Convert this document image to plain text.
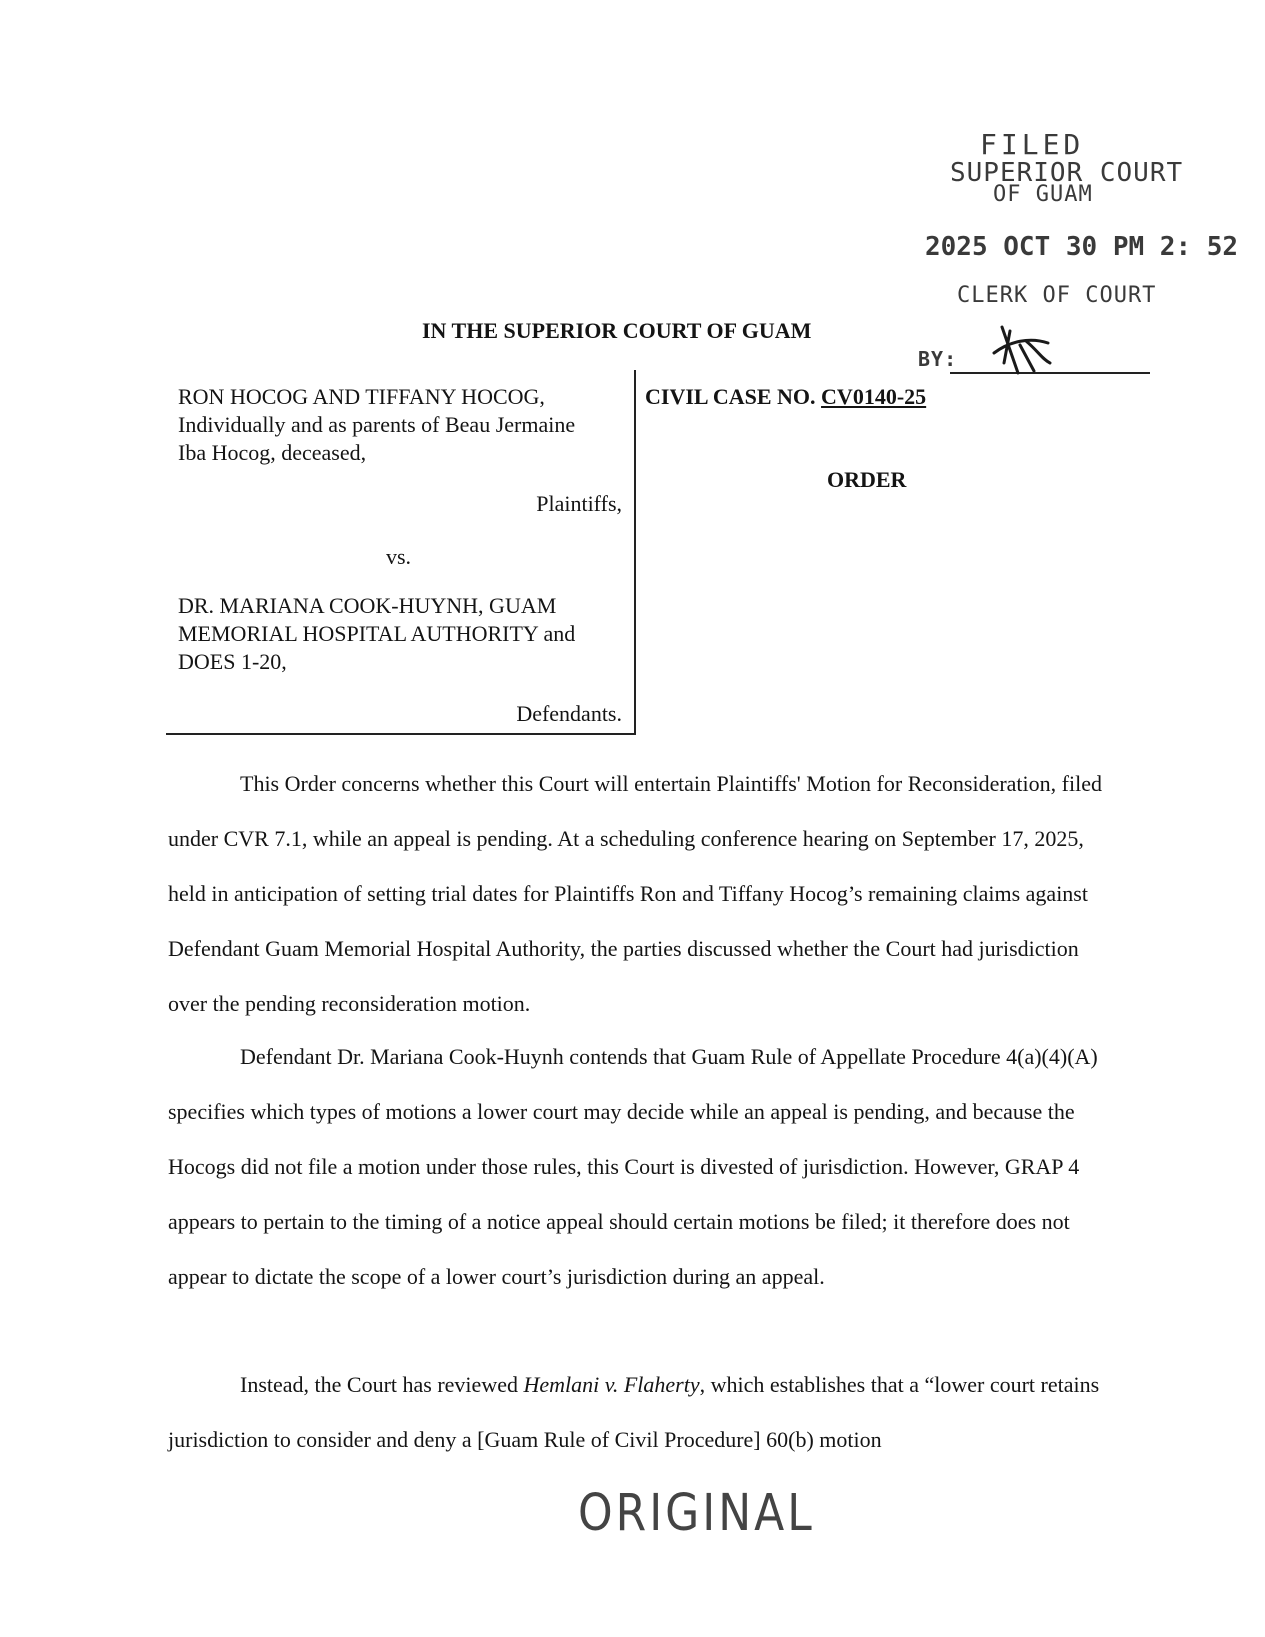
FILED
SUPERIOR COURT
OF GUAM
2025 OCT 30 PM 2: 52
CLERK OF COURT
BY:
IN THE SUPERIOR COURT OF GUAM
RON HOCOG AND TIFFANY HOCOG,
Individually and as parents of Beau Jermaine
Iba Hocog, deceased,
Plaintiffs,
vs.
DR. MARIANA COOK-HUYNH, GUAM
MEMORIAL HOSPITAL AUTHORITY and
DOES 1-20,
Defendants.
CIVIL CASE NO. CV0140-25
ORDER

This Order concerns whether this Court will entertain Plaintiffs' Motion for Reconsideration, filed under CVR 7.1, while an appeal is pending. At a scheduling conference hearing on September 17, 2025, held in anticipation of setting trial dates for Plaintiffs Ron and Tiffany Hocog’s remaining claims against Defendant Guam Memorial Hospital Authority, the parties discussed whether the Court had jurisdiction over the pending reconsideration motion.

Defendant Dr. Mariana Cook-Huynh contends that Guam Rule of Appellate Procedure 4(a)(4)(A) specifies which types of motions a lower court may decide while an appeal is pending, and because the Hocogs did not file a motion under those rules, this Court is divested of jurisdiction. However, GRAP 4 appears to pertain to the timing of a notice appeal should certain motions be filed; it therefore does not appear to dictate the scope of a lower court’s jurisdiction during an appeal.

Instead, the Court has reviewed Hemlani v. Flaherty, which establishes that a “lower court retains jurisdiction to consider and deny a [Guam Rule of Civil Procedure] 60(b) motion

ORIGINAL
